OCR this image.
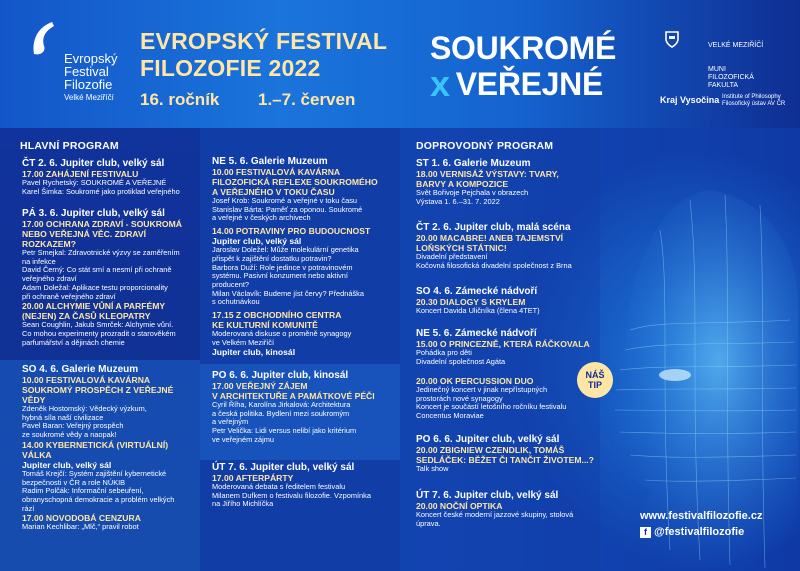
Evropský
Festival
Filozofie
Velké Meziříčí
EVROPSKÝ FESTIVAL
FILOZOFIE 2022
16. ročník 1.–7. červen
SOUKROMÉ
x VEŘEJNÉ
VELKÉ MEZIŘÍČÍ
MUNI FILOZOFICKÁ FAKULTA
Kraj Vysočina Institute of Philosophy Filosofický ústav AV ČR
HLAVNÍ PROGRAM
ČT 2. 6. Jupiter club, velký sál
17.00 ZAHÁJENÍ FESTIVALU
Pavel Rychetský: SOUKROMÉ A VEŘEJNÉ
Karel Šimka: Soukromé jako protiklad veřejného
PÁ 3. 6. Jupiter club, velký sál
17.00 OCHRANA ZDRAVÍ - SOUKROMÁ
NEBO VEŘEJNÁ VĚC. ZDRAVÍ
ROZKAZEM?
Petr Smejkal: Zdravotnické výzvy se zaměřením
na infekce
David Černý: Co stát smí a nesmí při ochraně
veřejného zdraví
Adam Doležal: Aplikace testu proporcionality
při ochraně veřejného zdraví
20.00 ALCHYMIE VŮNÍ A PARFÉMY
(NEJEN) ZA ČASŮ KLEOPATRY
Sean Coughlin, Jakub Smrček: Alchymie vůní.
Co mohou experimenty prozradit o starověkém
parfumářství a dějinách chemie
SO 4. 6. Galerie Muzeum
10.00 FESTIVALOVÁ KAVÁRNA
SOUKROMÝ PROSPĚCH Z VEŘEJNÉ
VĚDY
Zdeněk Hostomský: Vědecký výzkum,
hybná síla naší civilizace
Pavel Baran: Veřejný prospěch
ze soukromé vědy a naopak!
14.00 KYBERNETICKÁ (VIRTUÁLNÍ)
VÁLKA
Jupiter club, velký sál
Tomáš Krejčí: Systém zajištění kybernetické
bezpečnosti v ČR a role NÚKIB
Radim Polčák: Informační sebeuření,
obranyschopná demokracie a problém velkých
rází
17.00 NOVODOBÁ CENZURA
Marian Kechlibar: „Mlč,“ pravil robot
NE 5. 6. Galerie Muzeum
10.00 FESTIVALOVÁ KAVÁRNA
FILOZOFICKÁ REFLEXE SOUKROMÉHO
A VEŘEJNÉHO V TOKU ČASU
Josef Krob: Soukromé a veřejné v toku času
Stanislav Bárta: Paměť za oponou. Soukromé
a veřejné v českých archivech
14.00 POTRAVINY PRO BUDOUCNOST
Jupiter club, velký sál
Jaroslav Doležel: Může molekulární genetika
přispět k zajištění dostatku potravin?
Barbora Duží: Role jedince v potravinovém
systému. Pasivní konzument nebo aktivní
producent?
Milan Václavík: Budeme jíst červy? Přednáška
s ochutnávkou
17.15 Z OBCHODNÍHO CENTRA
KE KULTURNÍ KOMUNITĚ
Moderovaná diskuse o proměně synagogy
ve Velkém Meziříčí
Jupiter club, kinosál
PO 6. 6. Jupiter club, kinosál
17.00 VEŘEJNÝ ZÁJEM
V ARCHITEKTUŘE A PAMÁTKOVÉ PÉČI
Cyril Říha, Karolína Jirkalová: Architektura
a česká politika. Bydlení mezi soukromým
a veřejným
Petr Velička: Lidi versus nelibí jako kritérium
ve veřejném zájmu
ÚT 7. 6. Jupiter club, velký sál
17.00 AFTERPÁRTY
Moderovaná debata s ředitelem festivalu
Milanem Dufkem o festivalu filozofie. Vzpomínka
na Jiřího Michlíčka
DOPROVODNÝ PROGRAM
ST 1. 6. Galerie Muzeum
18.00 VERNISÁŽ VÝSTAVY: TVARY,
BARVY A KOMPOZICE
Svět Bořivoje Pejchala v obrazech
Výstava 1. 6.–31. 7. 2022
ČT 2. 6. Jupiter club, malá scéna
20.00 MACABRE! ANEB TAJEMSTVÍ
LOŇSKÝCH STÁTNIC!
Divadelní představení
Kočovná filosofická divadelní společnost z Brna
SO 4. 6. Zámecké nádvoří
20.30 DIALOGY S KRYLEM
Koncert Davida Uličníka (člena 4TET)
NE 5. 6. Zámecké nádvoří
15.00 O PRINCEZNĚ, KTERÁ RÁČKOVALA
Pohádka pro děti
Divadelní společnost Agáta
20.00 OK PERCUSSION DUO
Jedinečný koncert v jinak nepřístupných
prostorách nové synagogy
Koncert je součástí letošního ročníku festivalu
Concentus Moraviae
PO 6. 6. Jupiter club, velký sál
20.00 ZBIGNIEW CZENDLIK, TOMÁŠ
SEDLÁČEK: BĚŽET ČI TANČIT ŽIVOTEM...?
Talk show
ÚT 7. 6. Jupiter club, velký sál
20.00 NOČNÍ OPTIKA
Koncert české moderní jazzové skupiny, stolová
úprava.
NÁŠ
TIP
www.festivalfilozofie.cz
f @festivalfilozofie
